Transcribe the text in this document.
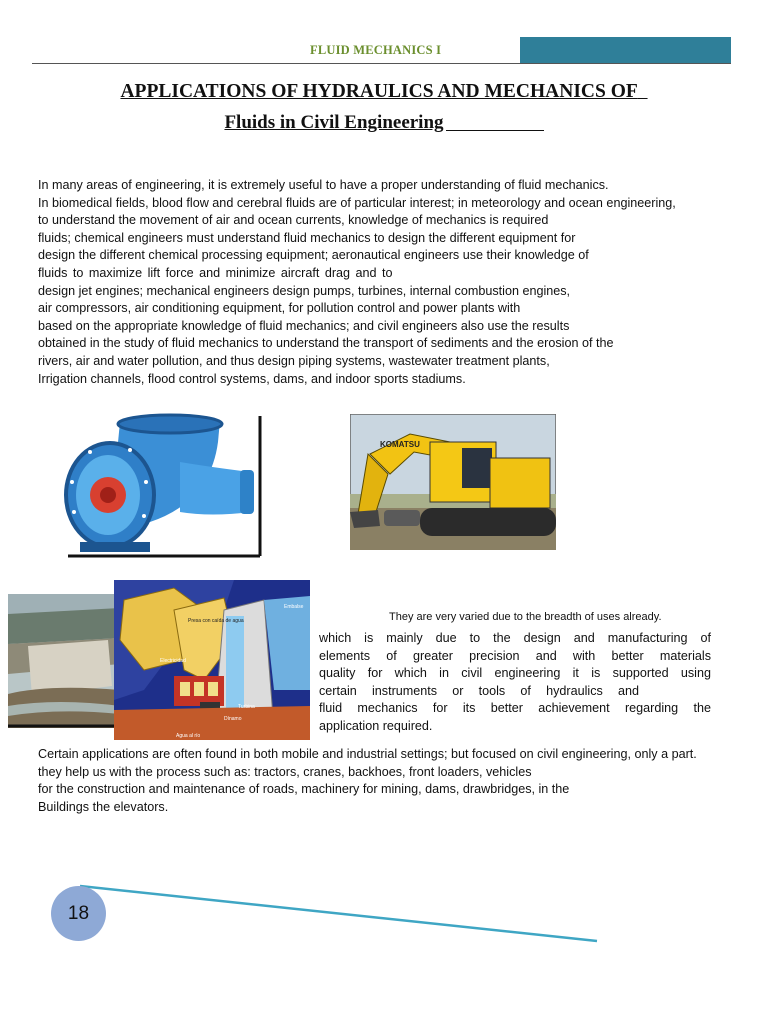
FLUID MECHANICS I
APPLICATIONS OF HYDRAULICS AND MECHANICS OF
Fluids in Civil Engineering
In many areas of engineering, it is extremely useful to have a proper understanding of fluid mechanics.
In biomedical fields, blood flow and cerebral fluids are of particular interest; in meteorology and ocean engineering,
to understand the movement of air and ocean currents, knowledge of mechanics is required
fluids; chemical engineers must understand fluid mechanics to design the different equipment for
design the different chemical processing equipment; aeronautical engineers use their knowledge of
fluids to maximize lift force and minimize aircraft drag and to
design jet engines; mechanical engineers design pumps, turbines, internal combustion engines,
air compressors, air conditioning equipment, for pollution control and power plants with
based on the appropriate knowledge of fluid mechanics; and civil engineers also use the results
obtained in the study of fluid mechanics to understand the transport of sediments and the erosion of the
rivers, air and water pollution, and thus design piping systems, wastewater treatment plants,
Irrigation channels, flood control systems, dams, and indoor sports stadiums.
KOMATSU
Presa con caída de agua
Electricidad
Embalse
Turbina
Dínamo
Agua al río
They are very varied due to the breadth of uses already.
which is mainly due to the design and manufacturing of
elements of greater precision and with better materials
quality for which in civil engineering it is supported using
certain instruments or tools of hydraulics and
fluid mechanics for its better achievement regarding the
application required.
Certain applications are often found in both mobile and industrial settings; but focused on civil engineering, only a part.
they help us with the process such as: tractors, cranes, backhoes, front loaders, vehicles
for the construction and maintenance of roads, machinery for mining, dams, drawbridges, in the
Buildings the elevators.
18
